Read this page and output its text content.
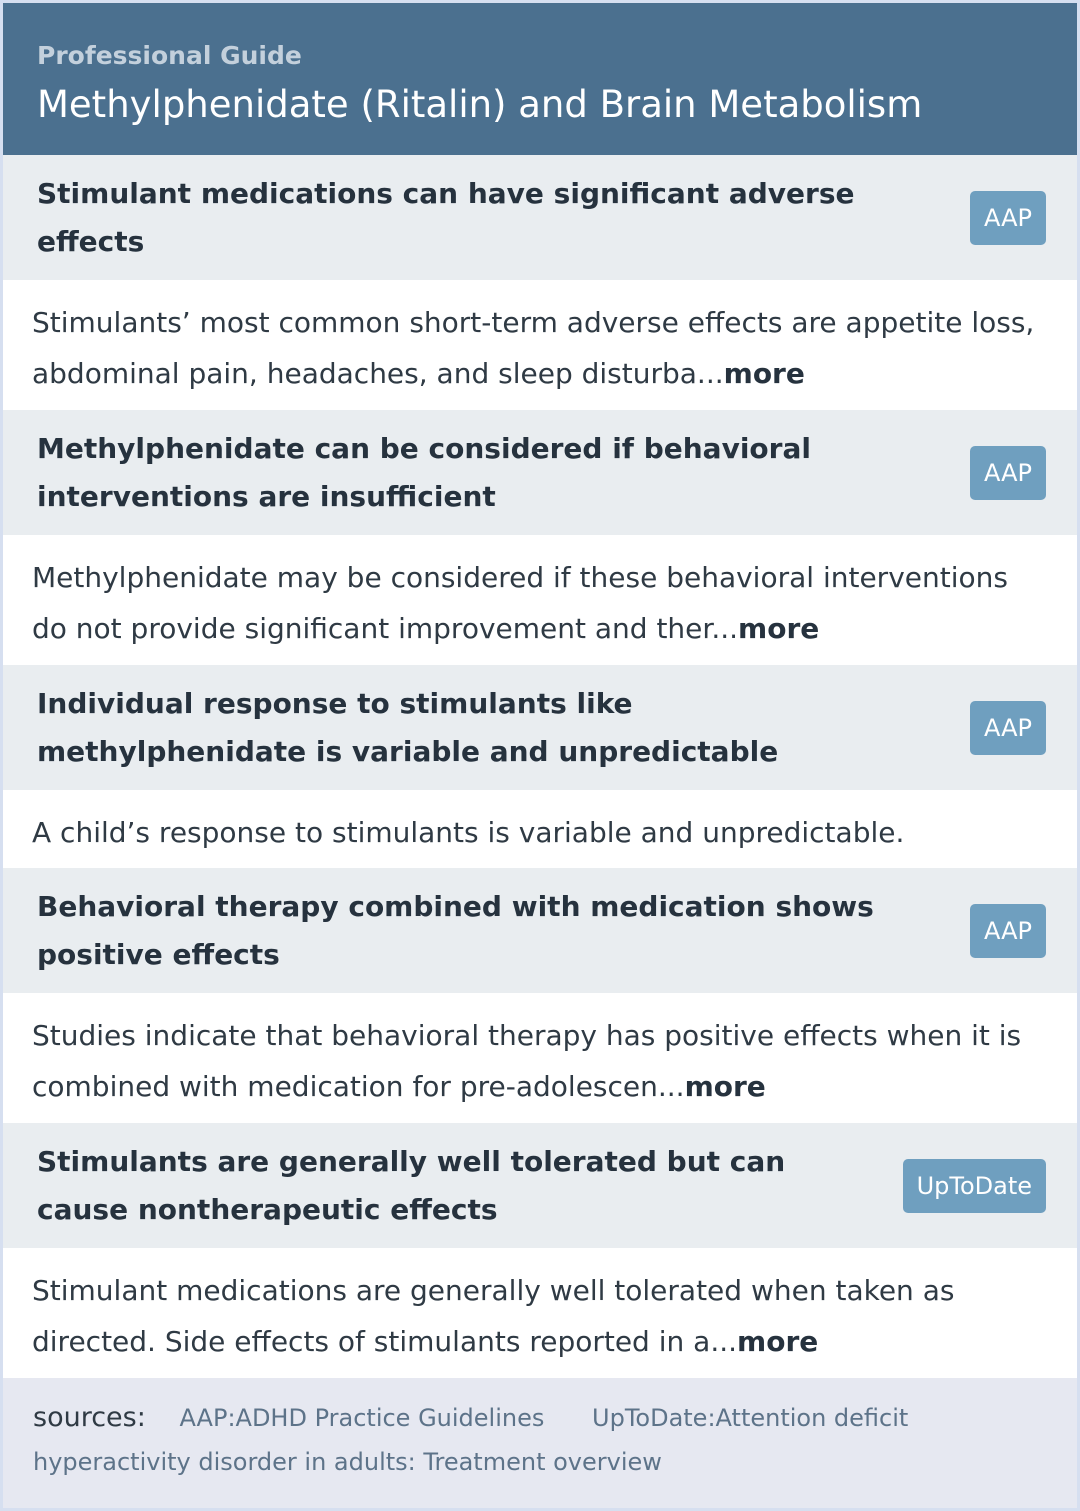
Professional Guide
Methylphenidate (Ritalin) and Brain Metabolism
Stimulant medications can have significant adverse effects
AAP
Stimulants’ most common short-term adverse effects are appetite loss, abdominal pain, headaches, and sleep disturba...more
Methylphenidate can be considered if behavioral interventions are insufficient
AAP
Methylphenidate may be considered if these behavioral interventions do not provide significant improvement and ther...more
Individual response to stimulants like methylphenidate is variable and unpredictable
AAP
A child’s response to stimulants is variable and unpredictable.
Behavioral therapy combined with medication shows positive effects
AAP
Studies indicate that behavioral therapy has positive effects when it is combined with medication for pre-adolescen...more
Stimulants are generally well tolerated but can cause nontherapeutic effects
UpToDate
Stimulant medications are generally well tolerated when taken as directed. Side effects of stimulants reported in a...more
sources: AAP:ADHD Practice Guidelines UpToDate:Attention deficit hyperactivity disorder in adults: Treatment overview
